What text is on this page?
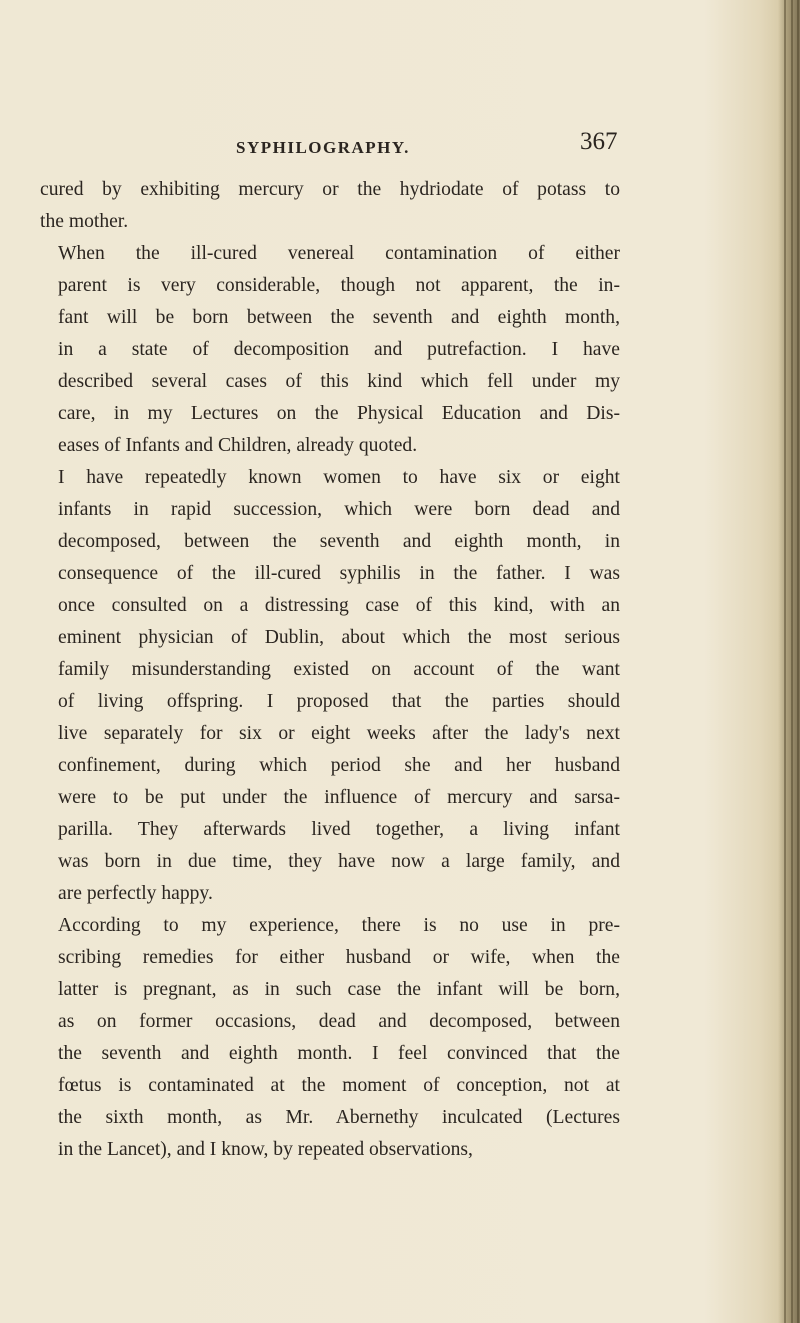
SYPHILOGRAPHY.	367

cured by exhibiting mercury or the hydriodate of potass to
the mother.

When the ill-cured venereal contamination of either
parent is very considerable, though not apparent, the in-
fant will be born between the seventh and eighth month,
in a state of decomposition and putrefaction. I have
described several cases of this kind which fell under my
care, in my Lectures on the Physical Education and Dis-
eases of Infants and Children, already quoted.

I have repeatedly known women to have six or eight
infants in rapid succession, which were born dead and
decomposed, between the seventh and eighth month, in
consequence of the ill-cured syphilis in the father. I was
once consulted on a distressing case of this kind, with an
eminent physician of Dublin, about which the most serious
family misunderstanding existed on account of the want
of living offspring. I proposed that the parties should
live separately for six or eight weeks after the lady's next
confinement, during which period she and her husband
were to be put under the influence of mercury and sarsa-
parilla. They afterwards lived together, a living infant
was born in due time, they have now a large family, and
are perfectly happy.

According to my experience, there is no use in pre-
scribing remedies for either husband or wife, when the
latter is pregnant, as in such case the infant will be born,
as on former occasions, dead and decomposed, between
the seventh and eighth month. I feel convinced that the
fœtus is contaminated at the moment of conception, not at
the sixth month, as Mr. Abernethy inculcated (Lectures
in the Lancet), and I know, by repeated observations,
